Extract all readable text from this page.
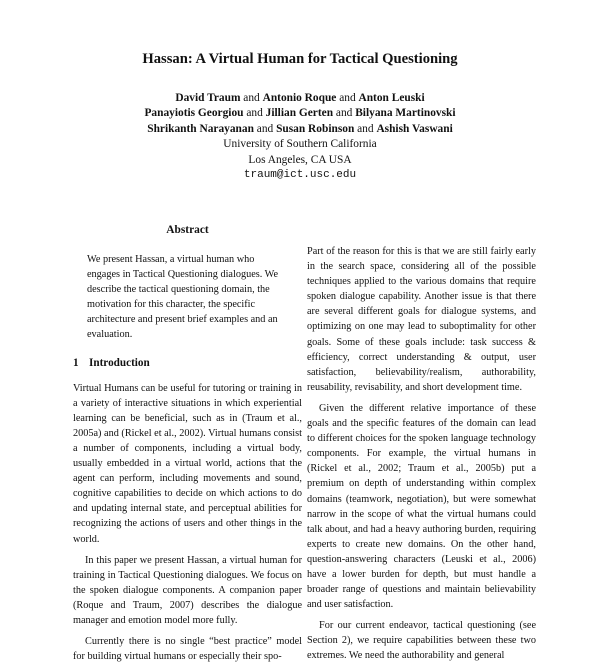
Hassan: A Virtual Human for Tactical Questioning
David Traum and Antonio Roque and Anton Leuski
Panayiotis Georgiou and Jillian Gerten and Bilyana Martinovski
Shrikanth Narayanan and Susan Robinson and Ashish Vaswani
University of Southern California
Los Angeles, CA USA
traum@ict.usc.edu
Abstract
We present Hassan, a virtual human who engages in Tactical Questioning dialogues. We describe the tactical questioning domain, the motivation for this character, the specific architecture and present brief examples and an evaluation.
1 Introduction

Virtual Humans can be useful for tutoring or training in a variety of interactive situations in which experiential learning can be beneficial, such as in (Traum et al., 2005a) and (Rickel et al., 2002). Virtual humans consist a number of components, including a virtual body, usually embedded in a virtual world, actions that the agent can perform, including movements and sound, cognitive capabilities to decide on which actions to do and updating internal state, and perceptual abilities for recognizing the actions of users and other things in the world.

In this paper we present Hassan, a virtual human for training in Tactical Questioning dialogues. We focus on the spoken dialogue components. A companion paper (Roque and Traum, 2007) describes the dialogue manager and emotion model more fully.

Currently there is no single “best practice” model for building virtual humans or especially their spo-

Part of the reason for this is that we are still fairly early in the search space, considering all of the possible techniques applied to the various domains that require spoken dialogue capability. Another issue is that there are several different goals for dialogue systems, and optimizing on one may lead to suboptimality for other goals. Some of these goals include: task success & efficiency, correct understanding & output, user satisfaction, believability/realism, authorability, reusability, revisability, and short development time.

Given the different relative importance of these goals and the specific features of the domain can lead to different choices for the spoken language technology components. For example, the virtual humans in (Rickel et al., 2002; Traum et al., 2005b) put a premium on depth of understanding within complex domains (teamwork, negotiation), but were somewhat narrow in the scope of what the virtual humans could talk about, and had a heavy authoring burden, requiring experts to create new domains. On the other hand, question-answering characters (Leuski et al., 2006) have a lower burden for depth, but must handle a broader range of questions and maintain believability and user satisfaction.

For our current endeavor, tactical questioning (see Section 2), we require capabilities between these two extremes. We need the authorability and general
